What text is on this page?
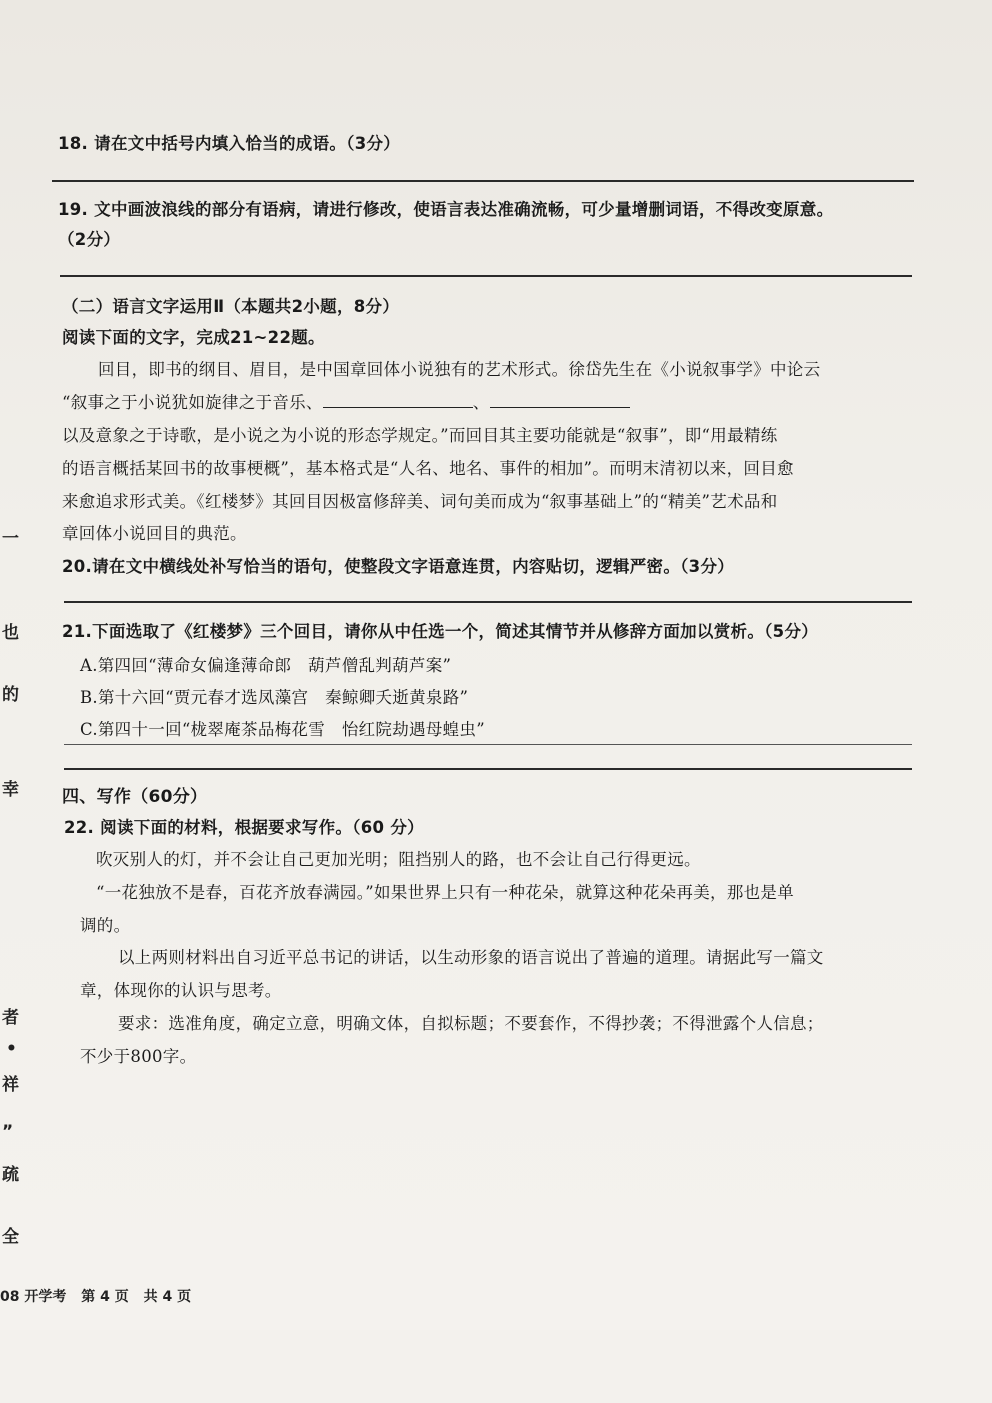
18. 请在文中括号内填入恰当的成语。（3分）
19. 文中画波浪线的部分有语病，请进行修改，使语言表达准确流畅，可少量增删词语，不得改变原意。
（2分）
（二）语言文字运用Ⅱ（本题共2小题，8分）
阅读下面的文字，完成21~22题。
回目，即书的纲目、眉目，是中国章回体小说独有的艺术形式。徐岱先生在《小说叙事学》中论云
“叙事之于小说犹如旋律之于音乐、	、
以及意象之于诗歌，是小说之为小说的形态学规定。”而回目其主要功能就是“叙事”，即“用最精练
的语言概括某回书的故事梗概”，基本格式是“人名、地名、事件的相加”。而明末清初以来，回目愈
来愈追求形式美。《红楼梦》其回目因极富修辞美、词句美而成为“叙事基础上”的“精美”艺术品和
章回体小说回目的典范。
20.请在文中横线处补写恰当的语句，使整段文字语意连贯，内容贴切，逻辑严密。（3分）
21.下面选取了《红楼梦》三个回目，请你从中任选一个，简述其情节并从修辞方面加以赏析。（5分）
A.第四回“薄命女偏逢薄命郎　葫芦僧乱判葫芦案”
B.第十六回“贾元春才选凤藻宫　秦鲸卿夭逝黄泉路”
C.第四十一回“栊翠庵茶品梅花雪　怡红院劫遇母蝗虫”
四、写作（60分）
22. 阅读下面的材料，根据要求写作。（60 分）
吹灭别人的灯，并不会让自己更加光明；阻挡别人的路，也不会让自己行得更远。
“一花独放不是春，百花齐放春满园。”如果世界上只有一种花朵，就算这种花朵再美，那也是单
调的。
以上两则材料出自习近平总书记的讲话，以生动形象的语言说出了普遍的道理。请据此写一篇文
章，体现你的认识与思考。
要求：选准角度，确定立意，明确文体，自拟标题；不要套作，不得抄袭；不得泄露个人信息；
不少于800字。
一
也
的
幸
者
•
祥
”
疏
全
08 开学考 第 4 页 共 4 页
